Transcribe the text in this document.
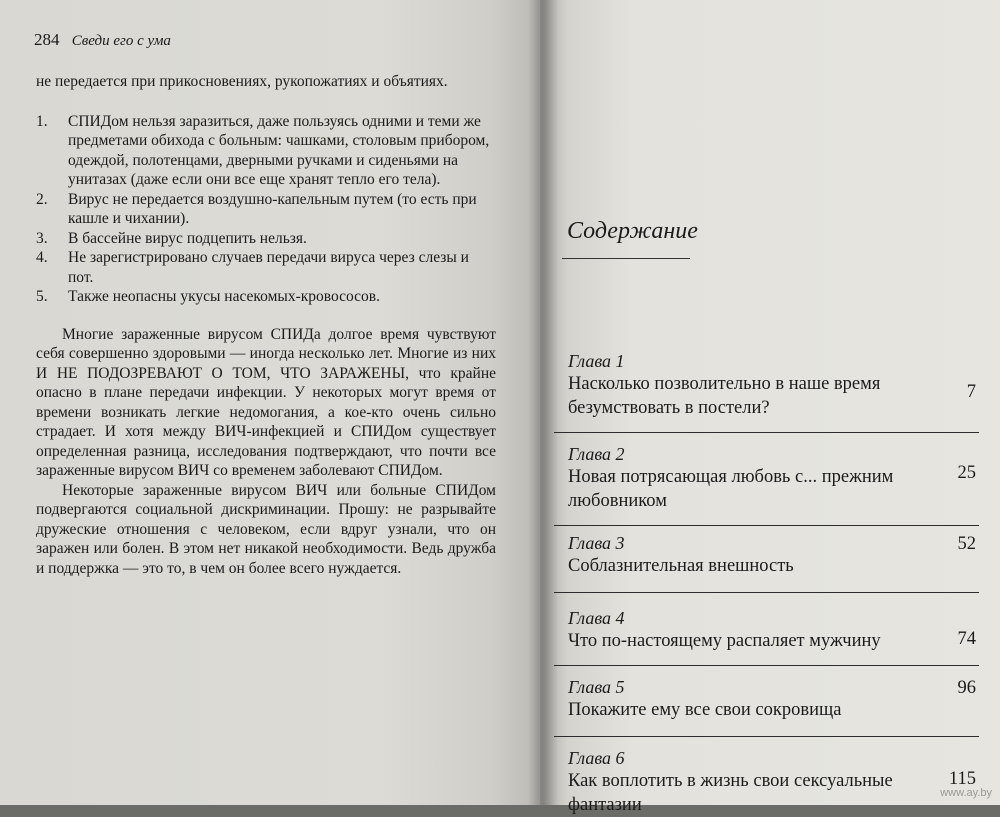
284 Сведи его с ума

не передается при прикосновениях, рукопожатиях и объятиях.

1. СПИДом нельзя заразиться, даже пользуясь одними и теми же предметами обихода с больным: чашками, столовым прибором, одеждой, полотенцами, дверными ручками и сиденьями на унитазах (даже если они все еще хранят тепло его тела).
2. Вирус не передается воздушно-капельным путем (то есть при кашле и чихании).
3. В бассейне вирус подцепить нельзя.
4. Не зарегистрировано случаев передачи вируса через слезы и пот.
5. Также неопасны укусы насекомых-кровососов.

Многие зараженные вирусом СПИДа долгое время чувствуют себя совершенно здоровыми — иногда несколько лет. Многие из них И НЕ ПОДОЗРЕВАЮТ О ТОМ, ЧТО ЗАРАЖЕНЫ, что крайне опасно в плане передачи инфекции. У некоторых могут время от времени возникать легкие недомогания, а кое-кто очень сильно страдает. И хотя между ВИЧ-инфекцией и СПИДом существует определенная разница, исследования подтверждают, что почти все зараженные вирусом ВИЧ со временем заболевают СПИДом.

Некоторые зараженные вирусом ВИЧ или больные СПИДом подвергаются социальной дискриминации. Прошу: не разрывайте дружеские отношения с человеком, если вдруг узнали, что он заражен или болен. В этом нет никакой необходимости. Ведь дружба и поддержка — это то, в чем он более всего нуждается.

Содержание
Глава 1
Насколько позволительно в наше время безумствовать в постели?
7
Глава 2
Новая потрясающая любовь с... прежним любовником
25
Глава 3
Соблазнительная внешность
52
Глава 4
Что по-настоящему распаляет мужчину	74
Глава 5
Покажите ему все свои сокровища
96
Глава 6
Как воплотить в жизнь свои сексуальные фантазии
115
www.ay.by
